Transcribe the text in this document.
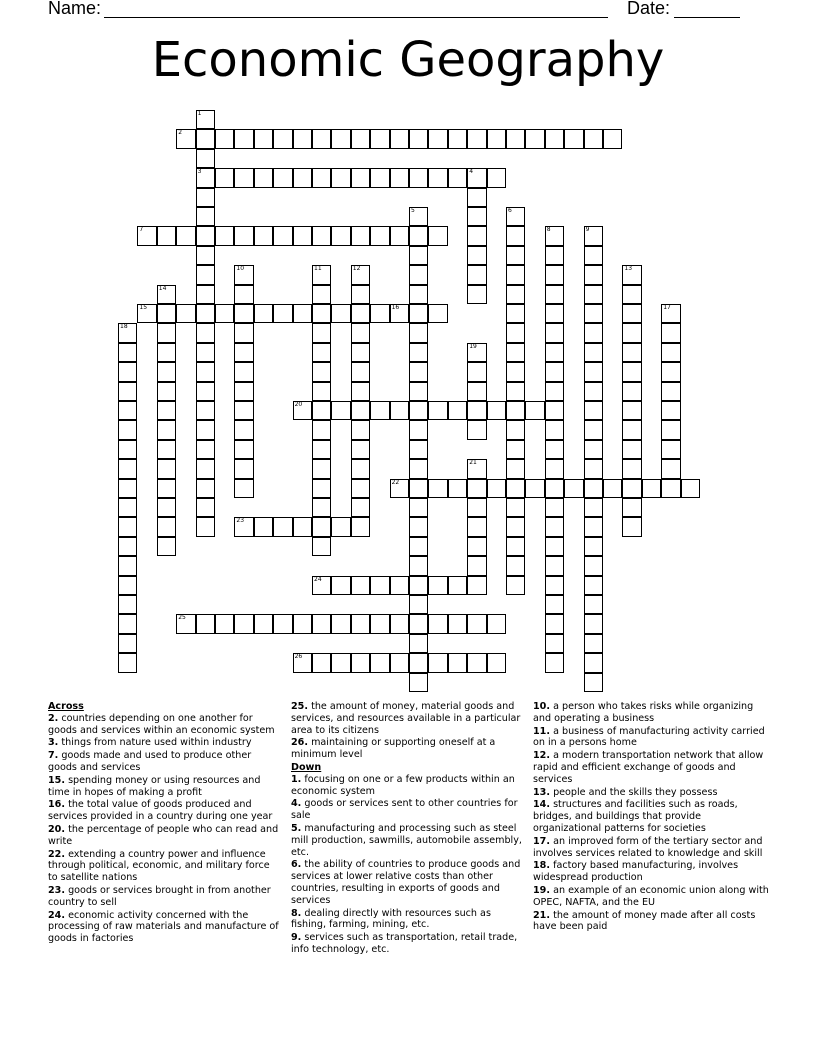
Name:	Date:
Economic Geography
1
3
2
4
5	6
7	8	9
10	11	12	13
14
15	16	17
18
19
20
21
22
23
24
25
26
Across
2. countries depending on one another for goods and services within an economic system
3. things from nature used within industry
7. goods made and used to produce other goods and services
15. spending money or using resources and time in hopes of making a profit
16. the total value of goods produced and services provided in a country during one year
20. the percentage of people who can read and write
22. extending a country power and influence through political, economic, and military force to satellite nations
23. goods or services brought in from another country to sell
24. economic activity concerned with the processing of raw materials and manufacture of goods in factories
25. the amount of money, material goods and services, and resources available in a particular area to its citizens
26. maintaining or supporting oneself at a minimum level
Down
1. focusing on one or a few products within an economic system
4. goods or services sent to other countries for sale
5. manufacturing and processing such as steel mill production, sawmills, automobile assembly, etc.
6. the ability of countries to produce goods and services at lower relative costs than other countries, resulting in exports of goods and services
8. dealing directly with resources such as fishing, farming, mining, etc.
9. services such as transportation, retail trade, info technology, etc.
10. a person who takes risks while organizing and operating a business
11. a business of manufacturing activity carried on in a persons home
12. a modern transportation network that allow rapid and efficient exchange of goods and services
13. people and the skills they possess
14. structures and facilities such as roads, bridges, and buildings that provide organizational patterns for societies
17. an improved form of the tertiary sector and involves services related to knowledge and skill
18. factory based manufacturing, involves widespread production
19. an example of an economic union along with OPEC, NAFTA, and the EU
21. the amount of money made after all costs have been paid
